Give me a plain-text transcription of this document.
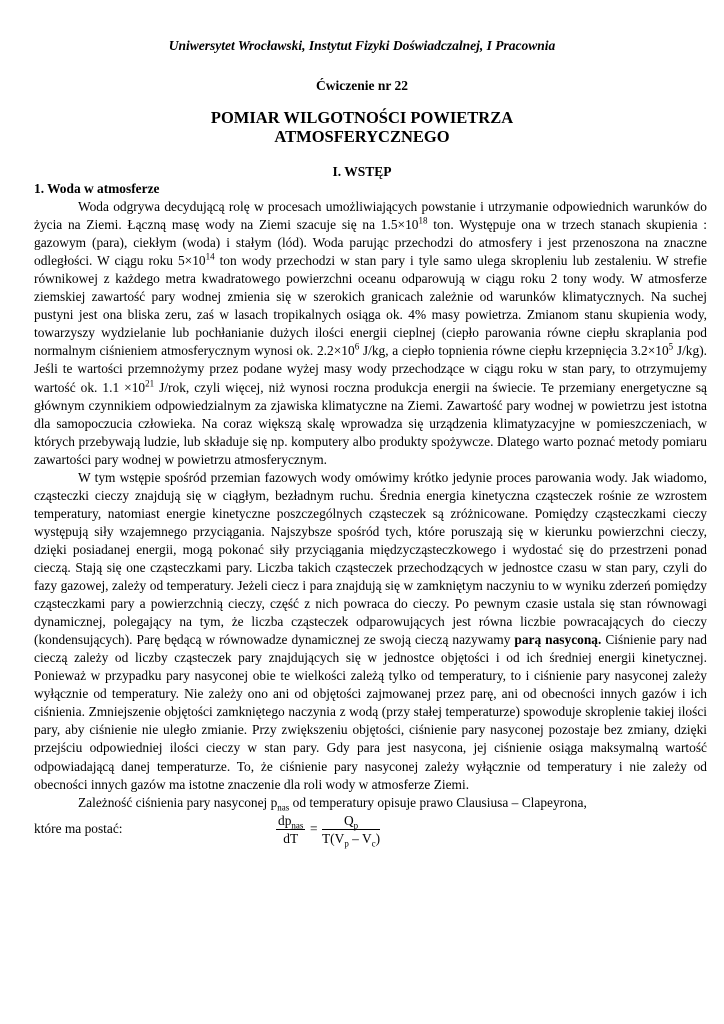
Uniwersytet Wrocławski, Instytut Fizyki Doświadczalnej, I Pracownia
Ćwiczenie nr 22
POMIAR WILGOTNOŚCI POWIETRZA
ATMOSFERYCZNEGO
I. WSTĘP
1. Woda w atmosferze

Woda odgrywa decydującą rolę w procesach umożliwiających powstanie i utrzymanie odpowiednich warunków do życia na Ziemi. Łączną masę wody na Ziemi szacuje się na $1.5\times 10^{18}$ ton. Występuje ona w trzech stanach skupienia : gazowym (para), ciekłym (woda) i stałym (lód). Woda parując przechodzi do atmosfery i jest przenoszona na znaczne odległości. W ciągu roku $5\times 10^{14}$ ton wody przechodzi w stan pary i tyle samo ulega skropleniu lub zestaleniu. W strefie równikowej z każdego metra kwadratowego powierzchni oceanu odparowują w ciągu roku 2 tony wody. W atmosferze ziemskiej zawartość pary wodnej zmienia się w szerokich granicach zależnie od warunków klimatycznych. Na suchej pustyni jest ona bliska zeru, zaś w lasach tropikalnych osiąga ok. 4% masy powietrza. Zmianom stanu skupienia wody, towarzyszy wydzielanie lub pochłanianie dużych ilości energii cieplnej (ciepło parowania równe ciepłu skraplania pod normalnym ciśnieniem atmosferycznym wynosi ok. $2.2\times 10^6$ J/kg, a ciepło topnienia równe ciepłu krzepnięcia $3.2\times 10^5$ J/kg). Jeśli te wartości przemnożymy przez podane wyżej masy wody przechodzące w ciągu roku w stan pary, to otrzymujemy wartość ok. $1.1 \times 10^{21}$ J/rok, czyli więcej, niż wynosi roczna produkcja energii na świecie. Te przemiany energetyczne są głównym czynnikiem odpowiedzialnym za zjawiska klimatyczne na Ziemi. Zawartość pary wodnej w powietrzu jest istotna dla samopoczucia człowieka. Na coraz większą skalę wprowadza się urządzenia klimatyzacyjne w pomieszczeniach, w których przebywają ludzie, lub składuje się np. komputery albo produkty spożywcze. Dlatego warto poznać metody pomiaru zawartości pary wodnej w powietrzu atmosferycznym.

W tym wstępie spośród przemian fazowych wody omówimy krótko jedynie proces parowania wody. Jak wiadomo, cząsteczki cieczy znajdują się w ciągłym, bezładnym ruchu. Średnia energia kinetyczna cząsteczek rośnie ze wzrostem temperatury, natomiast energie kinetyczne poszczególnych cząsteczek są zróżnicowane. Pomiędzy cząsteczkami cieczy występują siły wzajemnego przyciągania. Najszybsze spośród tych, które poruszają się w kierunku powierzchni cieczy, dzięki posiadanej energii, mogą pokonać siły przyciągania międzycząsteczkowego i wydostać się do przestrzeni ponad cieczą. Stają się one cząsteczkami pary. Liczba takich cząsteczek przechodzących w jednostce czasu w stan pary, czyli do fazy gazowej, zależy od temperatury. Jeżeli ciecz i para znajdują się w zamkniętym naczyniu to w wyniku zderzeń pomiędzy cząsteczkami pary a powierzchnią cieczy, część z nich powraca do cieczy. Po pewnym czasie ustala się stan równowagi dynamicznej, polegający na tym, że liczba cząsteczek odparowujących jest równa liczbie powracających do cieczy (kondensujących). Parę będącą w równowadze dynamicznej ze swoją cieczą nazywamy parą nasyconą. Ciśnienie pary nad cieczą zależy od liczby cząsteczek pary znajdujących się w jednostce objętości i od ich średniej energii kinetycznej. Ponieważ w przypadku pary nasyconej obie te wielkości zależą tylko od temperatury, to i ciśnienie pary nasyconej zależy wyłącznie od temperatury. Nie zależy ono ani od objętości zajmowanej przez parę, ani od obecności innych gazów i ich ciśnienia. Zmniejszenie objętości zamkniętego naczynia z wodą (przy stałej temperaturze) spowoduje skroplenie takiej ilości pary, aby ciśnienie nie uległo zmianie. Przy zwiększeniu objętości, ciśnienie pary nasyconej pozostaje bez zmiany, dzięki przejściu odpowiedniej ilości cieczy w stan pary. Gdy para jest nasycona, jej ciśnienie osiąga maksymalną wartość odpowiadającą danej temperaturze. To, że ciśnienie pary nasyconej zależy wyłącznie od temperatury i nie zależy od obecności innych gazów ma istotne znaczenie dla roli wody w atmosferze Ziemi.

Zależność ciśnienia pary nasyconej $p_{nas}$ od temperatury opisuje prawo Clausiusa – Clapeyrona,

które ma postać:
$dp_{nas}$
dT
= $\frac{Q_p}{T(V_p - V_c)}$
